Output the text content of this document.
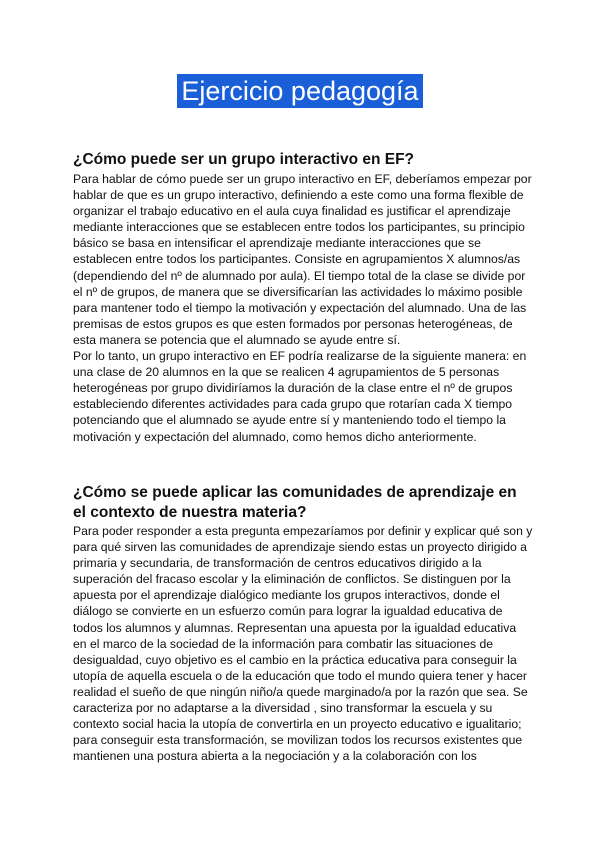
Ejercicio pedagogía
¿Cómo puede ser un grupo interactivo en EF?

Para hablar de cómo puede ser un grupo interactivo en EF, deberíamos empezar por hablar de que es un grupo interactivo, definiendo a este como una forma flexible de organizar el trabajo educativo en el aula cuya finalidad es justificar el aprendizaje mediante interacciones que se establecen entre todos los participantes, su principio básico se basa en intensificar el aprendizaje mediante interacciones que se establecen entre todos los participantes. Consiste en agrupamientos X alumnos/as (dependiendo del nº de alumnado por aula). El tiempo total de la clase se divide por el nº de grupos, de manera que se diversificarían las actividades lo máximo posible para mantener todo el tiempo la motivación y expectación del alumnado. Una de las premisas de estos grupos es que esten formados por personas heterogéneas, de esta manera se potencia que el alumnado se ayude entre sí.

Por lo tanto, un grupo interactivo en EF podría realizarse de la siguiente manera: en una clase de 20 alumnos en la que se realicen 4 agrupamientos de 5 personas heterogéneas por grupo dividiríamos la duración de la clase entre el nº de grupos estableciendo diferentes actividades para cada grupo que rotarían cada X tiempo potenciando que el alumnado se ayude entre sí y manteniendo todo el tiempo la motivación y expectación del alumnado, como hemos dicho anteriormente.

¿Cómo se puede aplicar las comunidades de aprendizaje en el contexto de nuestra materia?

Para poder responder a esta pregunta empezaríamos por definir y explicar qué son y para qué sirven las comunidades de aprendizaje siendo estas un proyecto dirigido a primaria y secundaria, de transformación de centros educativos dirigido a la superación del fracaso escolar y la eliminación de conflictos. Se distinguen por la apuesta por el aprendizaje dialógico mediante los grupos interactivos, donde el diálogo se convierte en un esfuerzo común para lograr la igualdad educativa de todos los alumnos y alumnas. Representan una apuesta por la igualdad educativa en el marco de la sociedad de la información para combatir las situaciones de desigualdad, cuyo objetivo es el cambio en la práctica educativa para conseguir la utopía de aquella escuela o de la educación que todo el mundo quiera tener y hacer realidad el sueño de que ningún niño/a quede marginado/a por la razón que sea. Se caracteriza por no adaptarse a la diversidad , sino transformar la escuela y su contexto social hacia la utopía de convertirla en un proyecto educativo e igualitario; para conseguir esta transformación, se movilizan todos los recursos existentes que mantienen una postura abierta a la negociación y a la colaboración con los
